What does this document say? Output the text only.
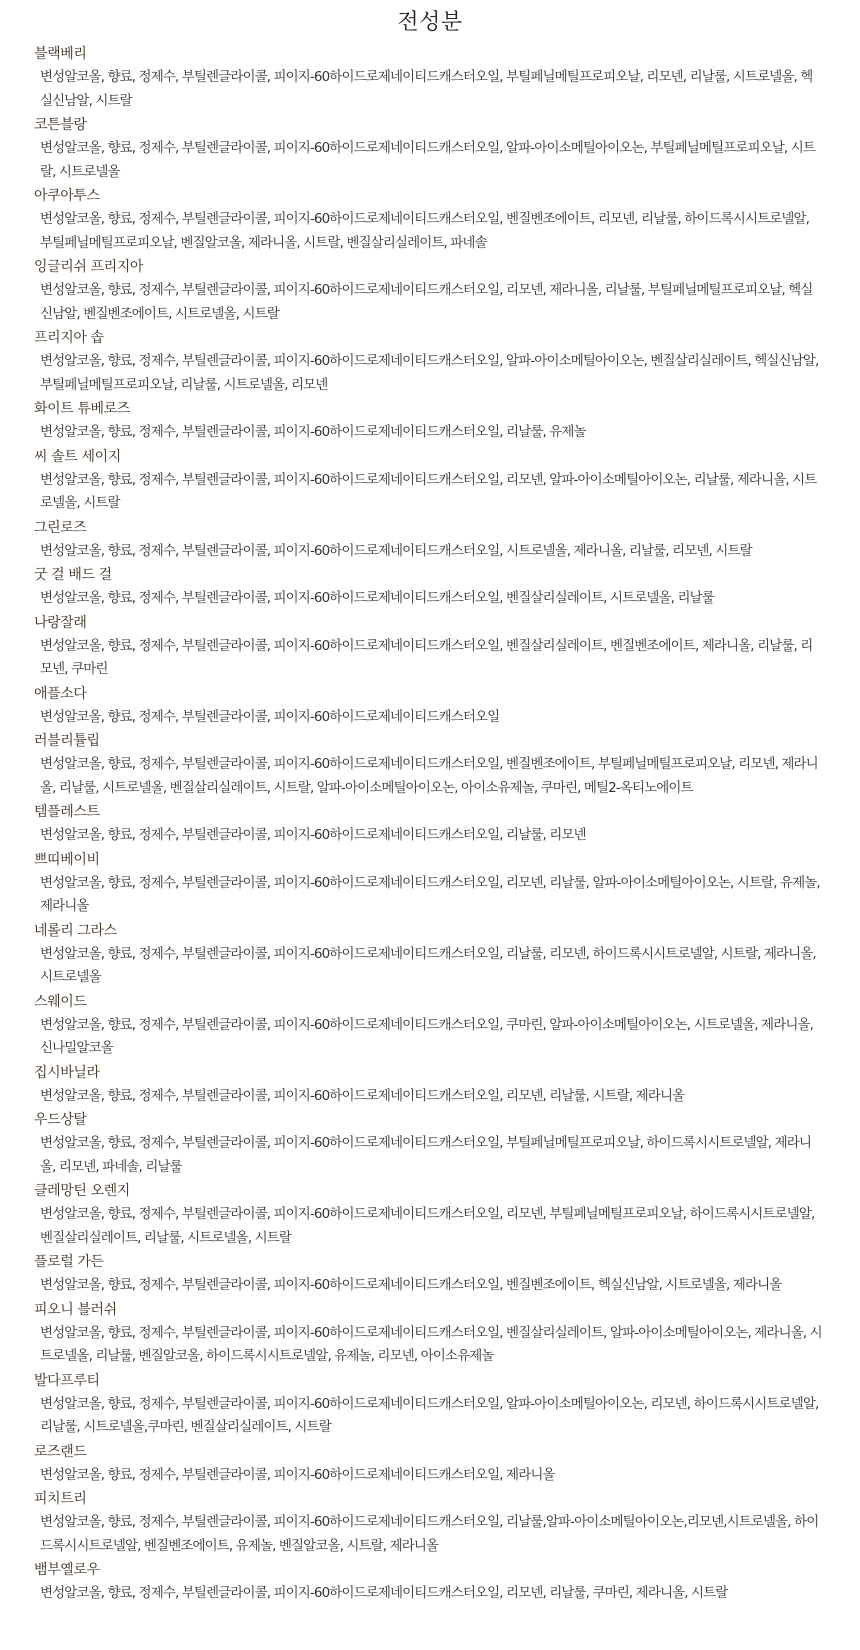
전성분
블랙베리
변성알코올, 향료, 정제수, 부틸렌글라이콜, 피이지-60하이드로제네이티드캐스터오일, 부틸페닐메틸프로피오날, 리모넨, 리날룰, 시트로넬올, 헥실신남알, 시트랄
코튼블랑
변성알코올, 향료, 정제수, 부틸렌글라이콜, 피이지-60하이드로제네이티드캐스터오일, 알파-아이소메틸아이오논, 부틸페닐메틸프로피오날, 시트랄, 시트로넬올
아쿠아투스
변성알코올, 향료, 정제수, 부틸렌글라이콜, 피이지-60하이드로제네이티드캐스터오일, 벤질벤조에이트, 리모넨, 리날룰, 하이드록시시트로넬알, 부틸페닐메틸프로피오날, 벤질알코올, 제라니올, 시트랄, 벤질살리실레이트, 파네솔
잉글리쉬 프리지아
변성알코올, 향료, 정제수, 부틸렌글라이콜, 피이지-60하이드로제네이티드캐스터오일, 리모넨, 제라니올, 리날룰, 부틸페닐메틸프로피오날, 헥실신남알, 벤질벤조에이트, 시트로넬올, 시트랄
프리지아 솝
변성알코올, 향료, 정제수, 부틸렌글라이콜, 피이지-60하이드로제네이티드캐스터오일, 알파-아이소메틸아이오논, 벤질살리실레이트, 헥실신남알, 부틸페닐메틸프로피오날, 리날룰, 시트로넬올, 리모넨
화이트 튜베로즈
변성알코올, 향료, 정제수, 부틸렌글라이콜, 피이지-60하이드로제네이티드캐스터오일, 리날룰, 유제놀
씨 솔트 세이지
변성알코올, 향료, 정제수, 부틸렌글라이콜, 피이지-60하이드로제네이티드캐스터오일, 리모넨, 알파-아이소메틸아이오논, 리날룰, 제라니올, 시트로넬올, 시트랄
그린로즈
변성알코올, 향료, 정제수, 부틸렌글라이콜, 피이지-60하이드로제네이티드캐스터오일, 시트로넬올, 제라니올, 리날룰, 리모넨, 시트랄
굿 걸 배드 걸
변성알코올, 향료, 정제수, 부틸렌글라이콜, 피이지-60하이드로제네이티드캐스터오일, 벤질살리실레이트, 시트로넬올, 리날룰
나랑잘래
변성알코올, 향료, 정제수, 부틸렌글라이콜, 피이지-60하이드로제네이티드캐스터오일, 벤질살리실레이트, 벤질벤조에이트, 제라니올, 리날룰, 리모넨, 쿠마린
애플소다
변성알코올, 향료, 정제수, 부틸렌글라이콜, 피이지-60하이드로제네이티드캐스터오일
러블리튤립
변성알코올, 향료, 정제수, 부틸렌글라이콜, 피이지-60하이드로제네이티드캐스터오일, 벤질벤조에이트, 부틸페닐메틸프로피오날, 리모넨, 제라니올, 리날룰, 시트로넬올, 벤질살리실레이트, 시트랄, 알파-아이소메틸아이오논, 아이소유제놀, 쿠마린, 메틸2-옥티노에이트
템플레스트
변성알코올, 향료, 정제수, 부틸렌글라이콜, 피이지-60하이드로제네이티드캐스터오일, 리날룰, 리모넨
쁘띠베이비
변성알코올, 향료, 정제수, 부틸렌글라이콜, 피이지-60하이드로제네이티드캐스터오일, 리모넨, 리날룰, 알파-아이소메틸아이오논, 시트랄, 유제놀, 제라니올
네롤리 그라스
변성알코올, 향료, 정제수, 부틸렌글라이콜, 피이지-60하이드로제네이티드캐스터오일, 리날룰, 리모넨, 하이드록시시트로넬알, 시트랄, 제라니올, 시트로넬올
스웨이드
변성알코올, 향료, 정제수, 부틸렌글라이콜, 피이지-60하이드로제네이티드캐스터오일, 쿠마린, 알파-아이소메틸아이오논, 시트로넬올, 제라니올, 신나밀알코올
집시바닐라
변성알코올, 향료, 정제수, 부틸렌글라이콜, 피이지-60하이드로제네이티드캐스터오일, 리모넨, 리날룰, 시트랄, 제라니올
우드상탈
변성알코올, 향료, 정제수, 부틸렌글라이콜, 피이지-60하이드로제네이티드캐스터오일, 부틸페닐메틸프로피오날, 하이드록시시트로넬알, 제라니올, 리모넨, 파네솔, 리날룰
클레망틴 오렌지
변성알코올, 향료, 정제수, 부틸렌글라이콜, 피이지-60하이드로제네이티드캐스터오일, 리모넨, 부틸페닐메틸프로피오날, 하이드록시시트로넬알, 벤질살리실레이트, 리날룰, 시트로넬올, 시트랄
플로럴 가든
변성알코올, 향료, 정제수, 부틸렌글라이콜, 피이지-60하이드로제네이티드캐스터오일, 벤질벤조에이트, 헥실신남알, 시트로넬올, 제라니올
피오니 블러쉬
변성알코올, 향료, 정제수, 부틸렌글라이콜, 피이지-60하이드로제네이티드캐스터오일, 벤질살리실레이트, 알파-아이소메틸아이오논, 제라니올, 시트로넬올, 리날룰, 벤질알코올, 하이드록시시트로넬알, 유제놀, 리모넨, 아이소유제놀
발다프루티
변성알코올, 향료, 정제수, 부틸렌글라이콜, 피이지-60하이드로제네이티드캐스터오일, 알파-아이소메틸아이오논, 리모넨, 하이드록시시트로넬알, 리날룰, 시트로넬올,쿠마린, 벤질살리실레이트, 시트랄
로즈랜드
변성알코올, 향료, 정제수, 부틸렌글라이콜, 피이지-60하이드로제네이티드캐스터오일, 제라니올
피치트리
변성알코올, 향료, 정제수, 부틸렌글라이콜, 피이지-60하이드로제네이티드캐스터오일, 리날룰,알파-아이소메틸아이오논,리모넨,시트로넬올, 하이드록시시트로넬알, 벤질벤조에이트, 유제놀, 벤질알코올, 시트랄, 제라니올
뱀부옐로우
변성알코올, 향료, 정제수, 부틸렌글라이콜, 피이지-60하이드로제네이티드캐스터오일, 리모넨, 리날룰, 쿠마린, 제라니올, 시트랄
